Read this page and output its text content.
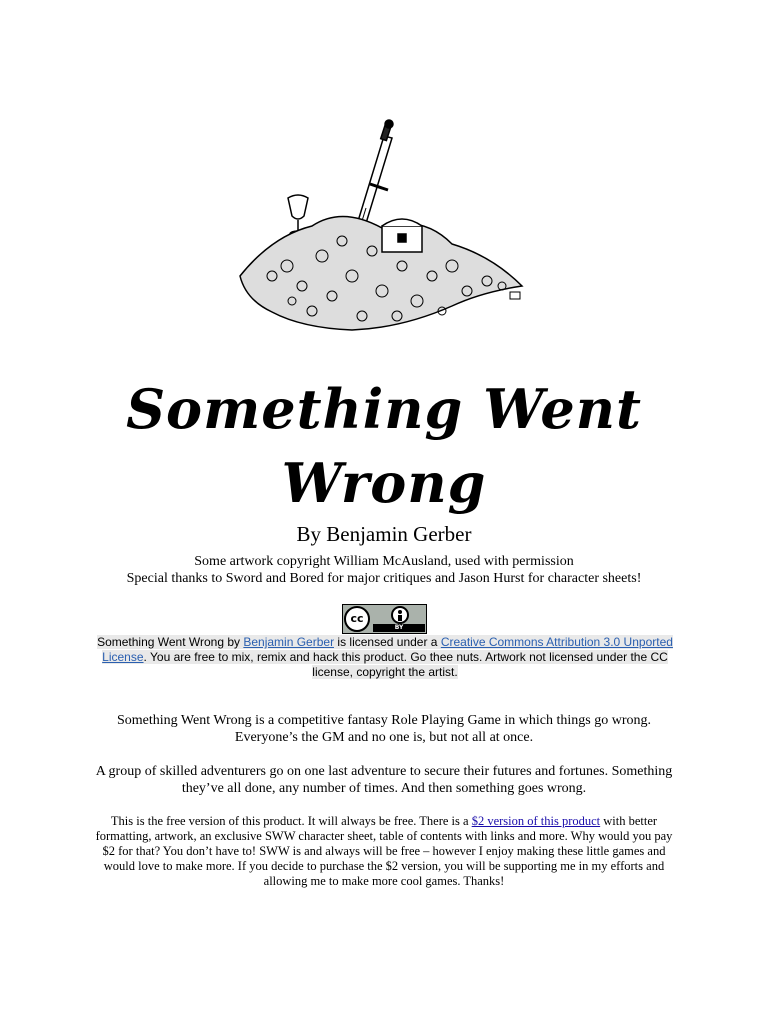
Something Went
Wrong
By Benjamin Gerber
Some artwork copyright William McAusland, used with permission
Special thanks to Sword and Bored for major critiques and Jason Hurst for character sheets!
cc
BY
Something Went Wrong by Benjamin Gerber is licensed under a Creative Commons Attribution 3.0 Unported License. You are free to mix, remix and hack this product. Go thee nuts. Artwork not licensed under the CC license, copyright the artist.
Something Went Wrong is a competitive fantasy Role Playing Game in which things go wrong. Everyone’s the GM and no one is, but not all at once.
A group of skilled adventurers go on one last adventure to secure their futures and fortunes. Something they’ve all done, any number of times. And then something goes wrong.
This is the free version of this product. It will always be free. There is a $2 version of this product with better formatting, artwork, an exclusive SWW character sheet, table of contents with links and more. Why would you pay $2 for that? You don’t have to! SWW is and always will be free – however I enjoy making these little games and would love to make more. If you decide to purchase the $2 version, you will be supporting me in my efforts and allowing me to make more cool games. Thanks!
